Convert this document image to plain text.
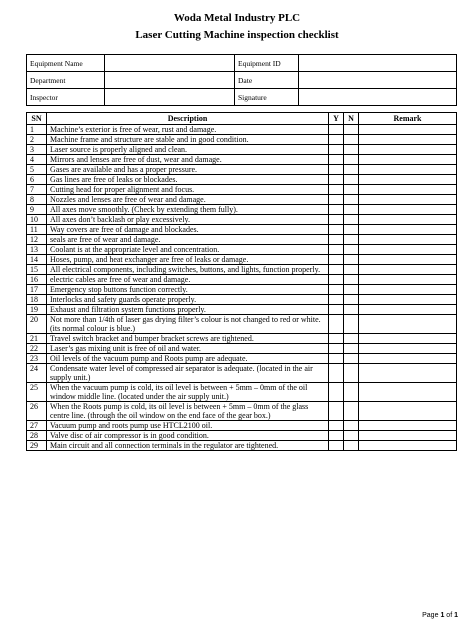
Woda Metal Industry PLC
Laser Cutting Machine inspection checklist
Equipment Name		Equipment ID	
Department		Date	
Inspector		Signature	
SN	Description	Y	N	Remark
1	Machine’s exterior is free of wear, rust and damage.			
2	Machine frame and structure are stable and in good condition.			
3	Laser source is properly aligned and clean.			
4	Mirrors and lenses are free of dust, wear and damage.			
5	Gases are available and has a proper pressure.			
6	Gas lines are free of leaks or blockades.			
7	Cutting head for proper alignment and focus.			
8	Nozzles and lenses are free of wear and damage.			
9	All axes move smoothly. (Check by extending them fully).			
10	All axes don’t backlash or play excessively.			
11	Way covers are free of damage and blockades.			
12	seals are free of wear and damage.			
13	Coolant is at the appropriate level and concentration.			
14	Hoses, pump, and heat exchanger are free of leaks or damage.			
15	All electrical components, including switches, buttons, and lights, function properly.			
16	electric cables are free of wear and damage.			
17	Emergency stop buttons function correctly.			
18	Interlocks and safety guards operate properly.			
19	Exhaust and filtration system functions properly.			
20	Not more than 1/4th of laser gas drying filter’s colour is not changed to red or white. (its normal colour is blue.)			
21	Travel switch bracket and bumper bracket screws are tightened.			
22	Laser’s gas mixing unit is free of oil and water.			
23	Oil levels of the vacuum pump and Roots pump are adequate.			
24	Condensate water level of compressed air separator is adequate. (located in the air supply unit.)			
25	When the vacuum pump is cold, its oil level is between + 5mm – 0mm of the oil window middle line. (located under the air supply unit.)			
26	When the Roots pump is cold, its oil level is between + 5mm – 0mm of the glass centre line. (through the oil window on the end face of the gear box.)			
27	Vacuum pump and roots pump use HTCL2100 oil.			
28	Valve disc of air compressor is in good condition.			
29	Main circuit and all connection terminals in the regulator are tightened.			
Page 1 of 1
